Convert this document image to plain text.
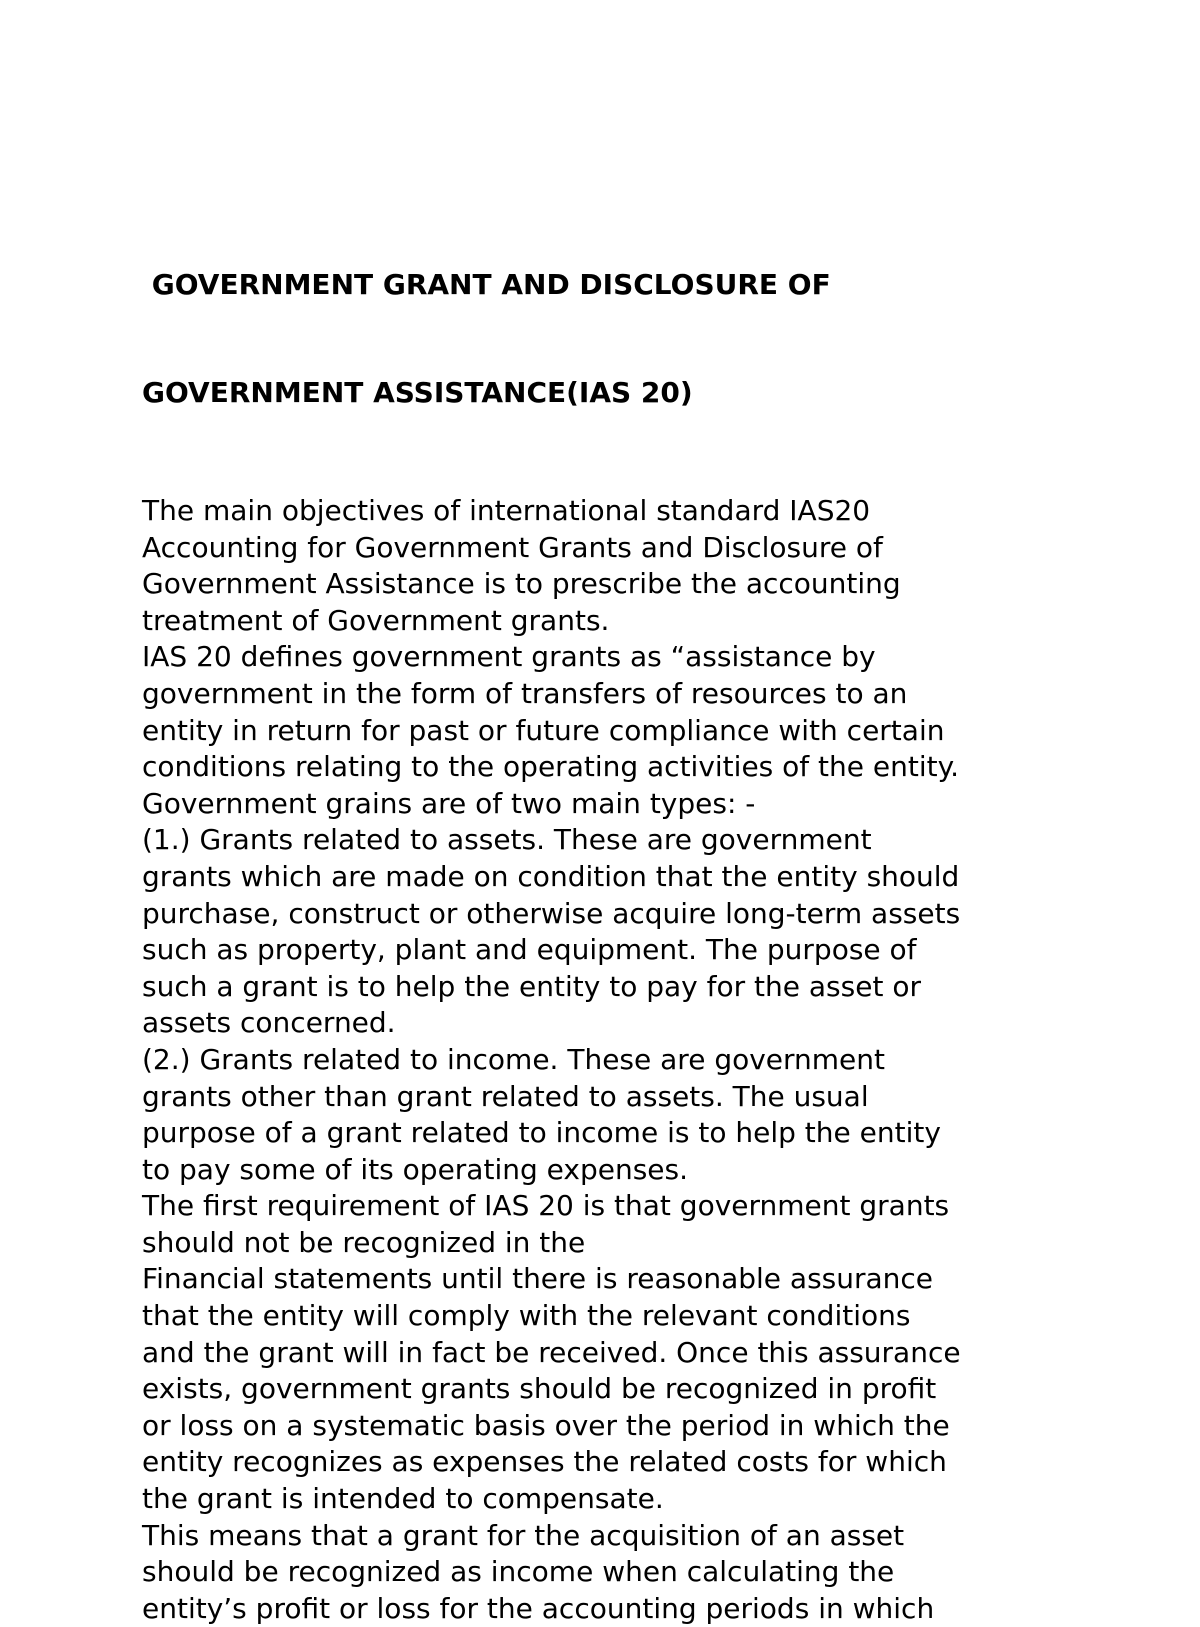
GOVERNMENT GRANT AND DISCLOSURE OF

GOVERNMENT ASSISTANCE(IAS 20)

The main objectives of international standard IAS20
Accounting for Government Grants and Disclosure of
Government Assistance is to prescribe the accounting
treatment of Government grants.
IAS 20 defines government grants as “assistance by
government in the form of transfers of resources to an
entity in return for past or future compliance with certain
conditions relating to the operating activities of the entity.
Government grains are of two main types: -
(1.) Grants related to assets. These are government
grants which are made on condition that the entity should
purchase, construct or otherwise acquire long-term assets
such as property, plant and equipment. The purpose of
such a grant is to help the entity to pay for the asset or
assets concerned.
(2.) Grants related to income. These are government
grants other than grant related to assets. The usual
purpose of a grant related to income is to help the entity
to pay some of its operating expenses.
The first requirement of IAS 20 is that government grants
should not be recognized in the
Financial statements until there is reasonable assurance
that the entity will comply with the relevant conditions
and the grant will in fact be received. Once this assurance
exists, government grants should be recognized in profit
or loss on a systematic basis over the period in which the
entity recognizes as expenses the related costs for which
the grant is intended to compensate.
This means that a grant for the acquisition of an asset
should be recognized as income when calculating the
entity’s profit or loss for the accounting periods in which
